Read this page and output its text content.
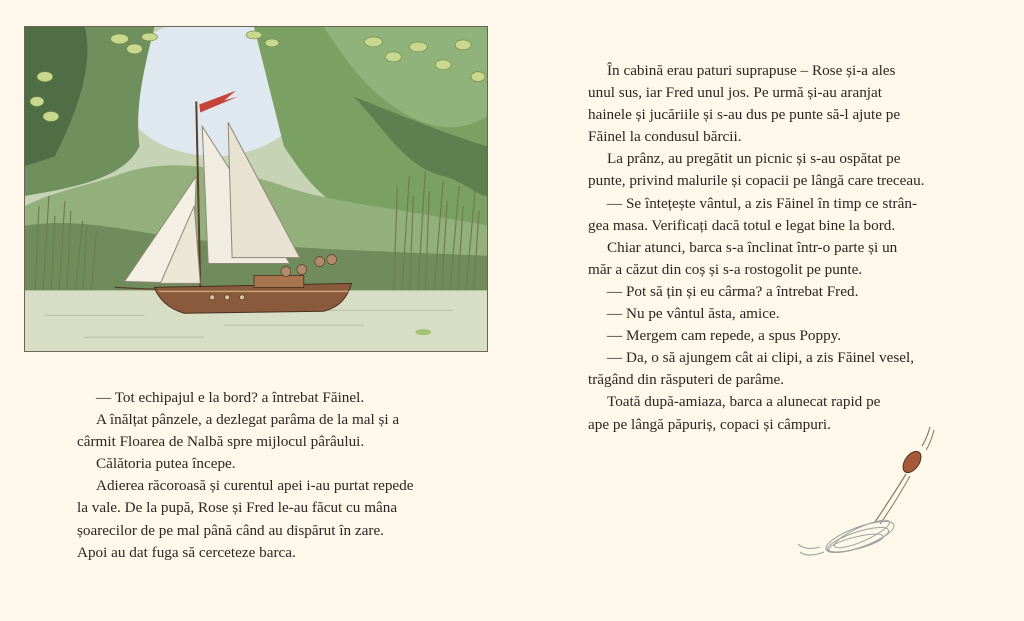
— Tot echipajul e la bord? a întrebat Făinel.

A înălțat pânzele, a dezlegat parâma de la mal și a

cârmit Floarea de Nalbă spre mijlocul pârâului.

Călătoria putea începe.

Adierea răcoroasă și curentul apei i-au purtat repede

la vale. De la pupă, Rose și Fred le-au făcut cu mâna

șoarecilor de pe mal până când au dispărut în zare.

Apoi au dat fuga să cerceteze barca.

În cabină erau paturi suprapuse – Rose și-a ales

unul sus, iar Fred unul jos. Pe urmă și-au aranjat

hainele și jucăriile și s-au dus pe punte să-l ajute pe

Făinel la condusul bărcii.

La prânz, au pregătit un picnic și s-au ospătat pe

punte, privind malurile și copacii pe lângă care treceau.

— Se întețește vântul, a zis Făinel în timp ce strân-

gea masa. Verificați dacă totul e legat bine la bord.

Chiar atunci, barca s-a înclinat într-o parte și un

măr a căzut din coș și s-a rostogolit pe punte.

— Pot să țin și eu cârma? a întrebat Fred.

— Nu pe vântul ăsta, amice.

— Mergem cam repede, a spus Poppy.

— Da, o să ajungem cât ai clipi, a zis Făinel vesel,

trăgând din răsputeri de parâme.

Toată după-amiaza, barca a alunecat rapid pe

ape pe lângă păpuriș, copaci și câmpuri.
